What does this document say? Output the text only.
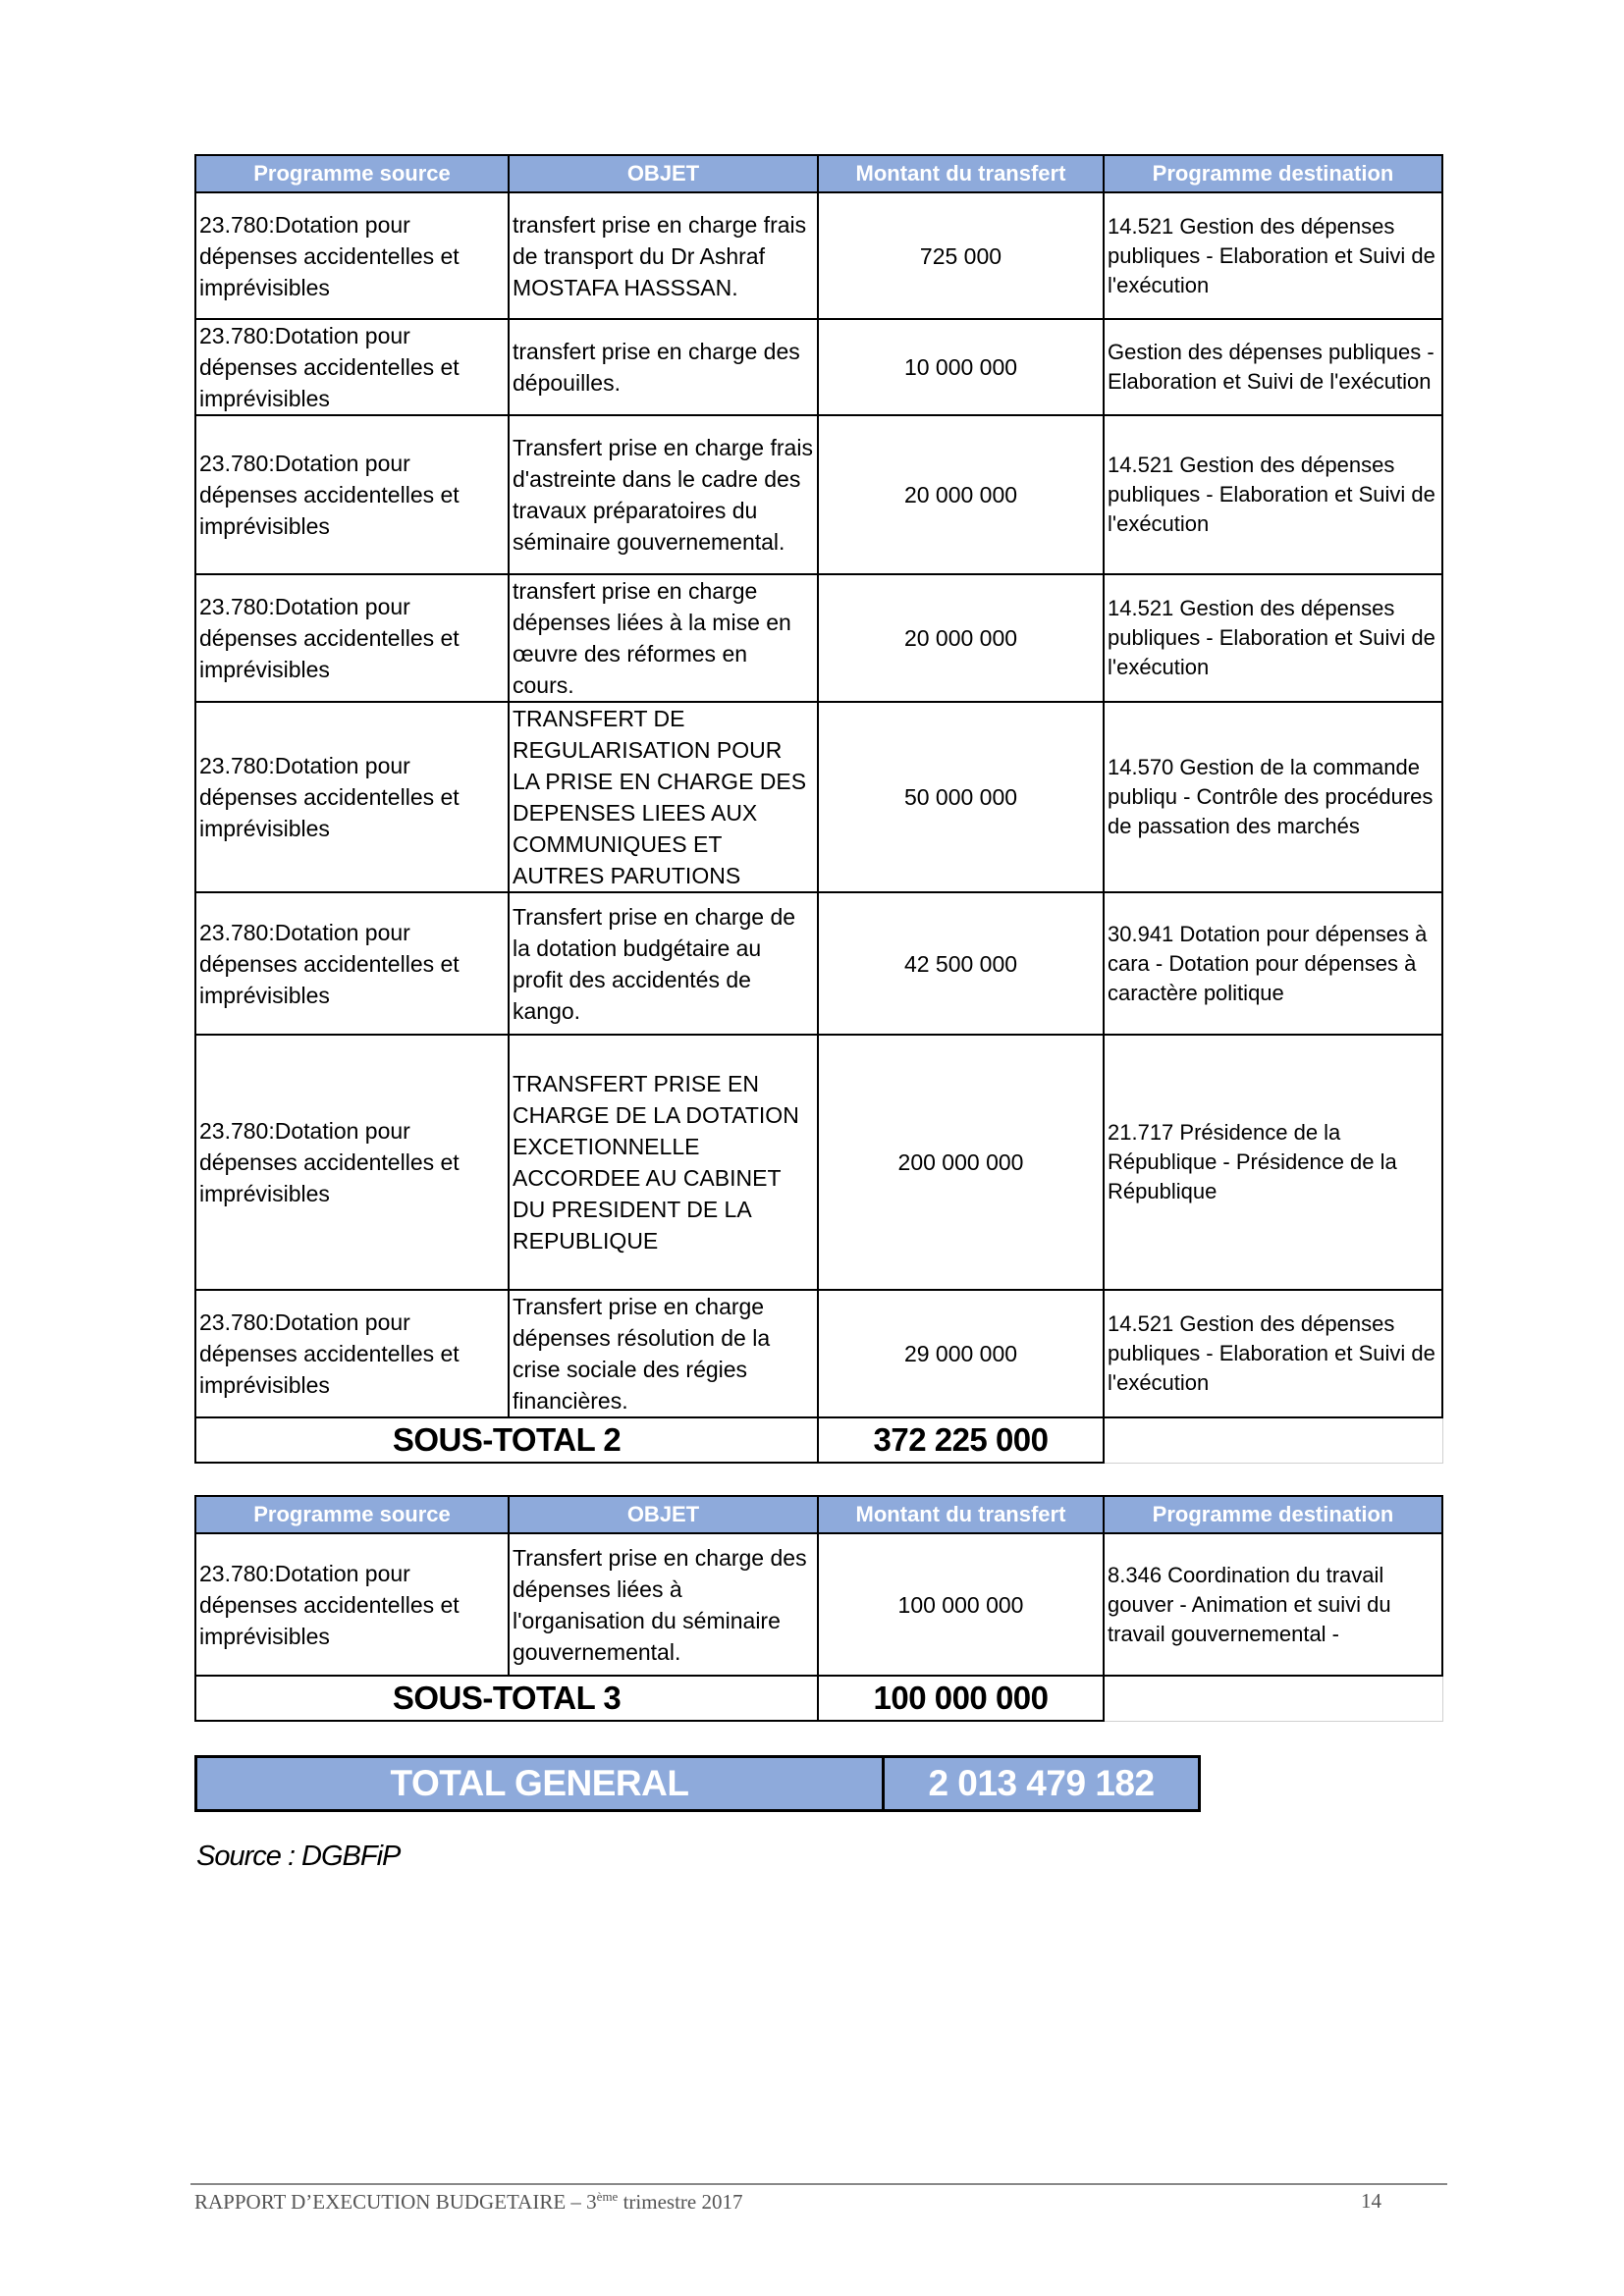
Programme source	OBJET	Montant du transfert	Programme destination
23.780:Dotation pour dépenses accidentelles et imprévisibles	transfert prise en charge frais de transport du Dr Ashraf MOSTAFA HASSSAN.	725 000	14.521 Gestion des dépenses publiques - Elaboration et Suivi de l'exécution
23.780:Dotation pour dépenses accidentelles et imprévisibles	transfert prise en charge des dépouilles.	10 000 000	Gestion des dépenses publiques - Elaboration et Suivi de l'exécution
23.780:Dotation pour dépenses accidentelles et imprévisibles	Transfert prise en charge frais d'astreinte dans le cadre des travaux préparatoires du séminaire gouvernemental.	20 000 000	14.521 Gestion des dépenses publiques - Elaboration et Suivi de l'exécution
23.780:Dotation pour dépenses accidentelles et imprévisibles	transfert prise en charge dépenses liées à la mise en œuvre des réformes en cours.	20 000 000	14.521 Gestion des dépenses publiques - Elaboration et Suivi de l'exécution
23.780:Dotation pour dépenses accidentelles et imprévisibles	TRANSFERT DE REGULARISATION POUR LA PRISE EN CHARGE DES DEPENSES LIEES AUX COMMUNIQUES ET AUTRES PARUTIONS	50 000 000	14.570 Gestion de la commande publiqu - Contrôle des procédures de passation des marchés
23.780:Dotation pour dépenses accidentelles et imprévisibles	Transfert prise en charge de la dotation budgétaire au profit des accidentés de kango.	42 500 000	30.941 Dotation pour dépenses à cara - Dotation pour dépenses à caractère politique
23.780:Dotation pour dépenses accidentelles et imprévisibles	TRANSFERT PRISE EN CHARGE DE LA DOTATION EXCETIONNELLE ACCORDEE AU CABINET DU PRESIDENT DE LA REPUBLIQUE	200 000 000	21.717 Présidence de la République - Présidence de la République
23.780:Dotation pour dépenses accidentelles et imprévisibles	Transfert prise en charge dépenses résolution de la crise sociale des régies financières.	29 000 000	14.521 Gestion des dépenses publiques - Elaboration et Suivi de l'exécution
SOUS-TOTAL 2		372 225 000	
Programme source	OBJET	Montant du transfert	Programme destination
23.780:Dotation pour dépenses accidentelles et imprévisibles	Transfert prise en charge des dépenses liées à l'organisation du séminaire gouvernemental.	100 000 000	8.346 Coordination du travail gouver - Animation et suivi du travail gouvernemental -
SOUS-TOTAL 3		100 000 000	
TOTAL GENERAL	2 013 479 182
Source : DGBFiP
RAPPORT D’EXECUTION BUDGETAIRE – 3ème trimestre 2017	14
